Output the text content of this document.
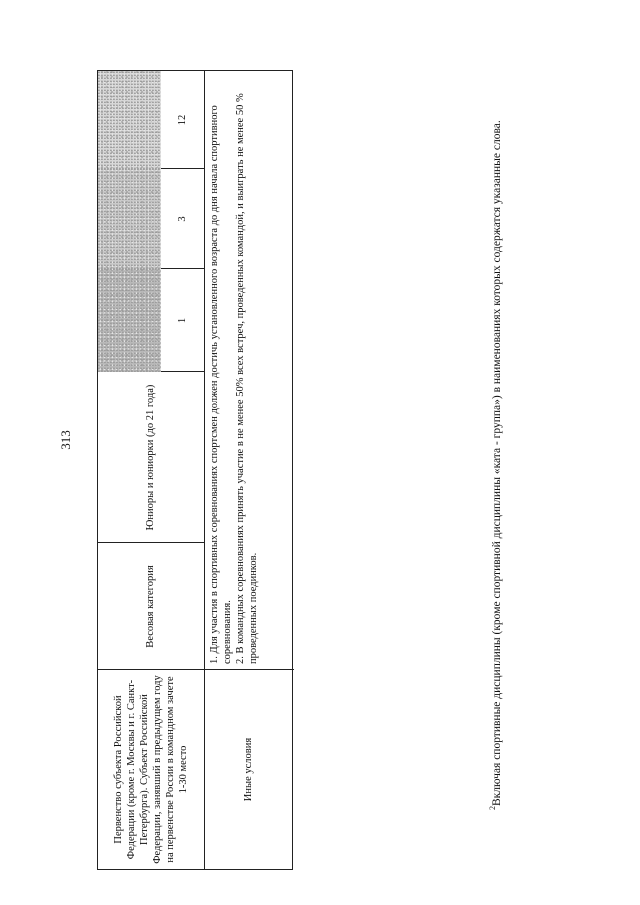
313
Первенство субъекта Российской Федерации (кроме г. Москвы и г. Санкт-Петербурга). Субъект Российской Федерации, занявший в предыдущем году на первенстве России в командном зачете 1-30 место
Весовая категория
Юниоры и юниорки (до 21 года)
1
3
12
Иные условия
1. Для участия в спортивных соревнованиях спортсмен должен достичь установленного возраста до дня начала спортивного соревнования. 2. В командных соревнованиях принять участие в не менее 50% всех встреч, проведенных командой, и выиграть не менее 50 % проведенных поединков.
$^2$Включая спортивные дисциплины (кроме спортивной дисциплины «ката - группа») в наименованиях которых содержатся указанные слова.
